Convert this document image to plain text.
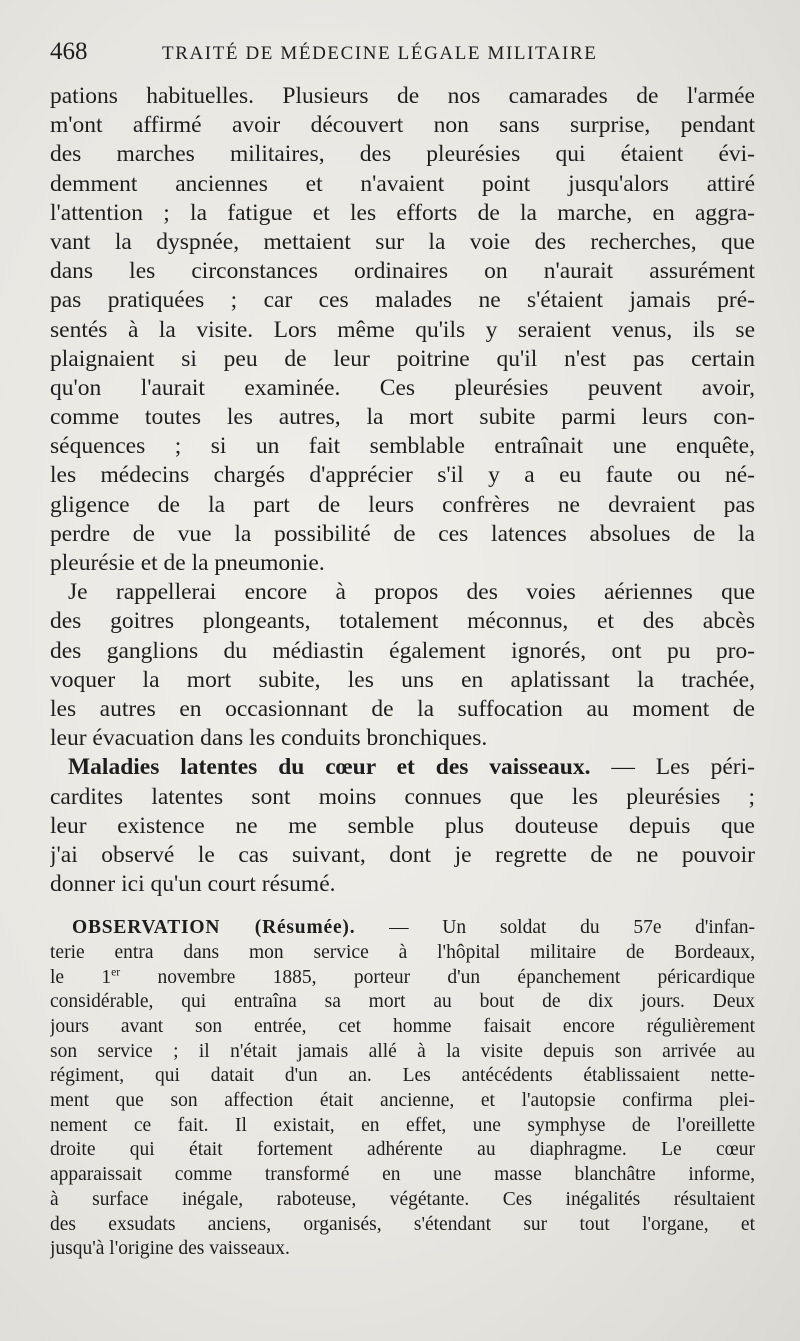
468	TRAITÉ DE MÉDECINE LÉGALE MILITAIRE
pations habituelles. Plusieurs de nos camarades de l'armée
m'ont affirmé avoir découvert non sans surprise, pendant
des marches militaires, des pleurésies qui étaient évi-
demment anciennes et n'avaient point jusqu'alors attiré
l'attention ; la fatigue et les efforts de la marche, en aggra-
vant la dyspnée, mettaient sur la voie des recherches, que
dans les circonstances ordinaires on n'aurait assurément
pas pratiquées ; car ces malades ne s'étaient jamais pré-
sentés à la visite. Lors même qu'ils y seraient venus, ils se
plaignaient si peu de leur poitrine qu'il n'est pas certain
qu'on l'aurait examinée. Ces pleurésies peuvent avoir,
comme toutes les autres, la mort subite parmi leurs con-
séquences ; si un fait semblable entraînait une enquête,
les médecins chargés d'apprécier s'il y a eu faute ou né-
gligence de la part de leurs confrères ne devraient pas
perdre de vue la possibilité de ces latences absolues de la
pleurésie et de la pneumonie.
Je rappellerai encore à propos des voies aériennes que
des goitres plongeants, totalement méconnus, et des abcès
des ganglions du médiastin également ignorés, ont pu pro-
voquer la mort subite, les uns en aplatissant la trachée,
les autres en occasionnant de la suffocation au moment de
leur évacuation dans les conduits bronchiques.
Maladies latentes du cœur et des vaisseaux. — Les péri-
cardites latentes sont moins connues que les pleurésies ;
leur existence ne me semble plus douteuse depuis que
j'ai observé le cas suivant, dont je regrette de ne pouvoir
donner ici qu'un court résumé.
OBSERVATION (Résumée). — Un soldat du 57e d'infan-
terie entra dans mon service à l'hôpital militaire de Bordeaux,
le 1er novembre 1885, porteur d'un épanchement péricardique
considérable, qui entraîna sa mort au bout de dix jours. Deux
jours avant son entrée, cet homme faisait encore régulièrement
son service ; il n'était jamais allé à la visite depuis son arrivée au
régiment, qui datait d'un an. Les antécédents établissaient nette-
ment que son affection était ancienne, et l'autopsie confirma plei-
nement ce fait. Il existait, en effet, une symphyse de l'oreillette
droite qui était fortement adhérente au diaphragme. Le cœur
apparaissait comme transformé en une masse blanchâtre informe,
à surface inégale, raboteuse, végétante. Ces inégalités résultaient
des exsudats anciens, organisés, s'étendant sur tout l'organe, et
jusqu'à l'origine des vaisseaux.
